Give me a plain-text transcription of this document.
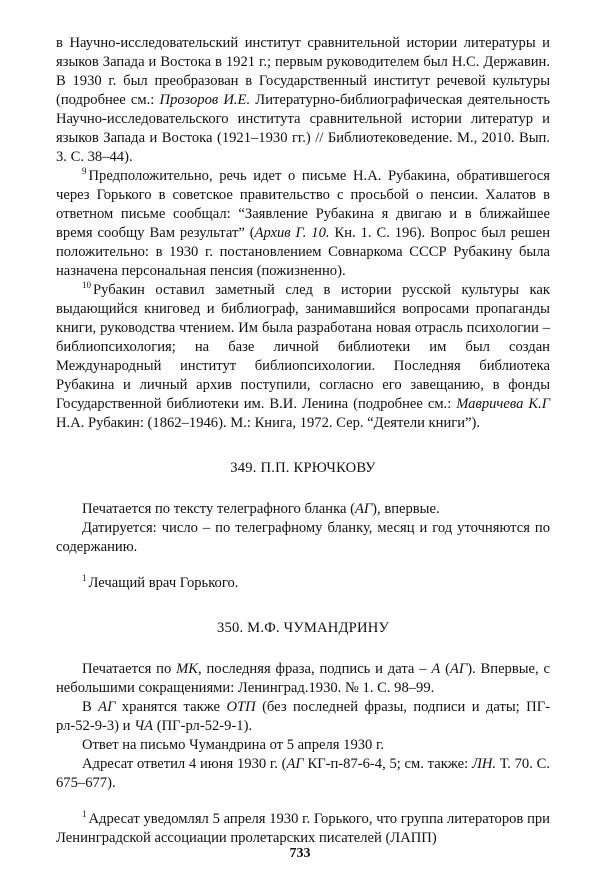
в Научно-исследовательский институт сравнительной истории литературы и языков Запада и Востока в 1921 г.; первым руководителем был Н.С. Державин. В 1930 г. был преобразован в Государственный институт речевой культуры (подробнее см.: Прозоров И.Е. Литературно-библиографическая деятельность Научно-исследовательского института сравнительной истории литератур и языков Запада и Востока (1921–1930 гг.) // Библиотековедение. М., 2010. Вып. 3. С. 38–44).

$^9$ Предположительно, речь идет о письме Н.А. Рубакина, обратившегося через Горького в советское правительство с просьбой о пенсии. Халатов в ответном письме сообщал: “Заявление Рубакина я двигаю и в ближайшее время сообщу Вам результат” (Архив Г. 10. Кн. 1. С. 196). Вопрос был решен положительно: в 1930 г. постановлением Совнаркома СССР Рубакину была назначена персональная пенсия (пожизненно).

$^{10}$ Рубакин оставил заметный след в истории русской культуры как выдающийся книговед и библиограф, занимавшийся вопросами пропаганды книги, руководства чтением. Им была разработана новая отрасль психологии – библиопсихология; на базе личной библиотеки им был создан Международный институт библиопсихологии. Последняя библиотека Рубакина и личный архив поступили, согласно его завещанию, в фонды Государственной библиотеки им. В.И. Ленина (подробнее см.: Мавричева К.Г Н.А. Рубакин: (1862–1946). М.: Книга, 1972. Сер. “Деятели книги”).

349. П.П. КРЮЧКОВУ

Печатается по тексту телеграфного бланка (АГ), впервые.

Датируется: число – по телеграфному бланку, месяц и год уточняются по содержанию.

$^1$ Лечащий врач Горького.

350. М.Ф. ЧУМАНДРИНУ

Печатается по МК, последняя фраза, подпись и дата – А (АГ). Впервые, с небольшими сокращениями: Ленинград.1930. № 1. С. 98–99.

В АГ хранятся также ОТП (без последней фразы, подписи и даты; ПГ-рл-52-9-3) и ЧА (ПГ-рл-52-9-1).

Ответ на письмо Чумандрина от 5 апреля 1930 г.

Адресат ответил 4 июня 1930 г. (АГ КГ-п-87-6-4, 5; см. также: ЛН. Т. 70. С. 675–677).

$^1$ Адресат уведомлял 5 апреля 1930 г. Горького, что группа литераторов при Ленинградской ассоциации пролетарских писателей (ЛАПП)

733
